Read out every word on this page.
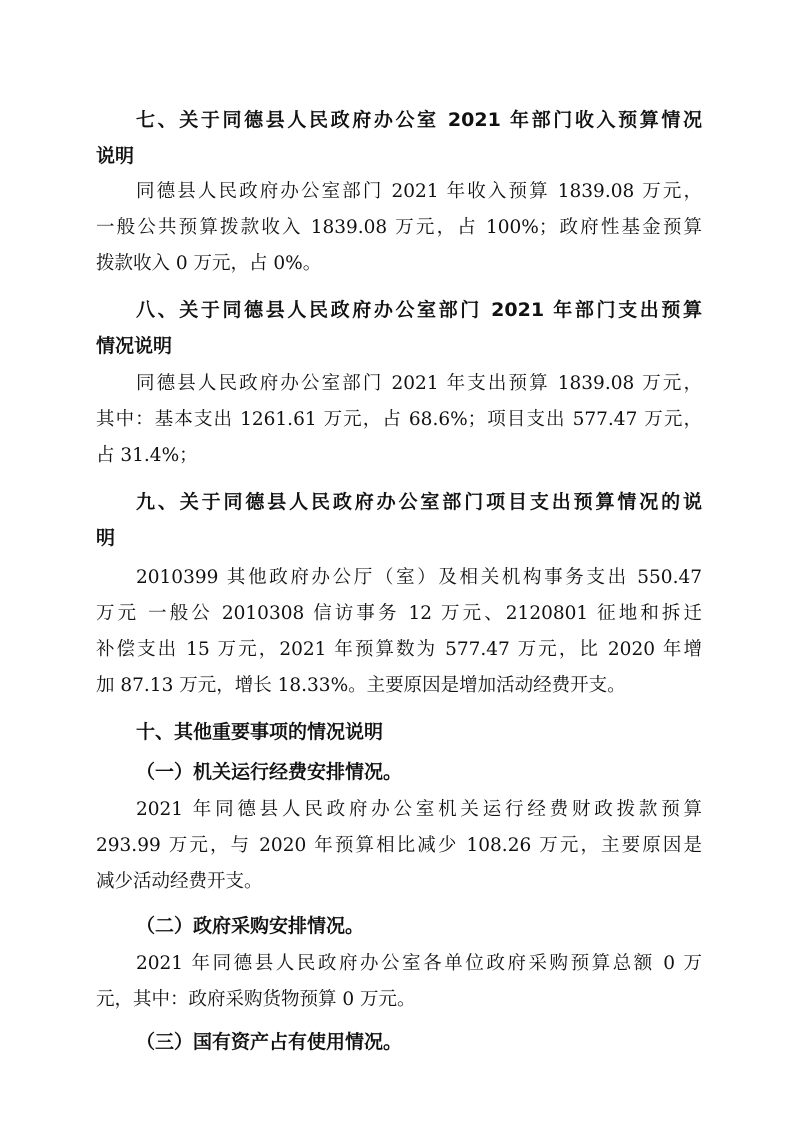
七、关于同德县人民政府办公室 2021 年部门收入预算情况
说明
同德县人民政府办公室部门 2021 年收入预算 1839.08 万元，
一般公共预算拨款收入 1839.08 万元，占 100%；政府性基金预算
拨款收入 0 万元，占 0%。
八、关于同德县人民政府办公室部门 2021 年部门支出预算
情况说明
同德县人民政府办公室部门 2021 年支出预算 1839.08 万元，
其中：基本支出 1261.61 万元，占 68.6%；项目支出 577.47 万元，
占 31.4%；
九、关于同德县人民政府办公室部门项目支出预算情况的说
明
2010399 其他政府办公厅（室）及相关机构事务支出 550.47
万元 一般公 2010308 信访事务 12 万元、2120801 征地和拆迁
补偿支出 15 万元，2021 年预算数为 577.47 万元，比 2020 年增
加 87.13 万元，增长 18.33%。主要原因是增加活动经费开支。
十、其他重要事项的情况说明
（一）机关运行经费安排情况。
2021 年同德县人民政府办公室机关运行经费财政拨款预算
293.99 万元，与 2020 年预算相比减少 108.26 万元，主要原因是
减少活动经费开支。
（二）政府采购安排情况。
2021 年同德县人民政府办公室各单位政府采购预算总额 0 万
元，其中：政府采购货物预算 0 万元。
（三）国有资产占有使用情况。
